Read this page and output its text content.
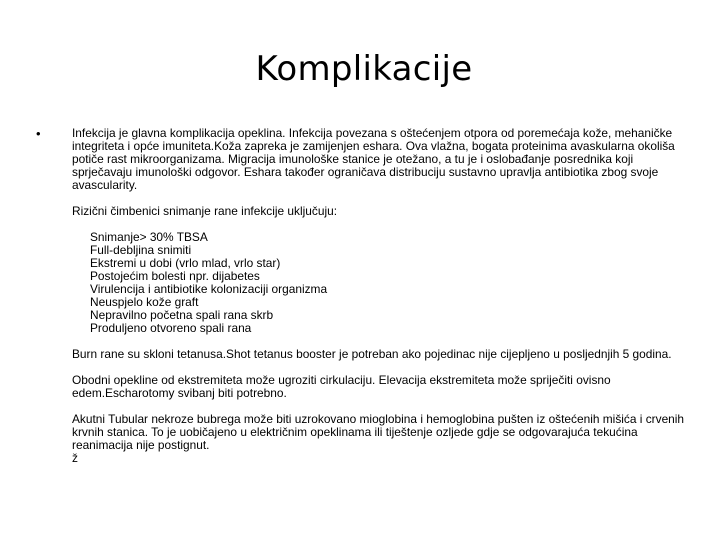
Komplikacije
•	Infekcija je glavna komplikacija opeklina. Infekcija povezana s oštećenjem otpora od poremećaja kože, mehaničke integriteta i opće imuniteta.Koža zapreka je zamijenjen eshara. Ova vlažna, bogata proteinima avaskularna okoliša potiče rast mikroorganizama. Migracija imunološke stanice je otežano, a tu je i oslobađanje posrednika koji sprječavaju imunološki odgovor. Eshara također ograničava distribuciju sustavno upravlja antibiotika zbog svoje avascularity.

Rizični čimbenici snimanje rane infekcije uključuju:

Snimanje> 30% TBSA
Full-debljina snimiti
Ekstremi u dobi (vrlo mlad, vrlo star)
Postojećim bolesti npr. dijabetes
Virulencija i antibiotike kolonizaciji organizma
Neuspjelo kože graft
Nepravilno početna spali rana skrb
Produljeno otvoreno spali rana

Burn rane su skloni tetanusa.Shot tetanus booster je potreban ako pojedinac nije cijepljeno u posljednjih 5 godina.

Obodni opekline od ekstremiteta može ugroziti cirkulaciju. Elevacija ekstremiteta može spriječiti ovisno edem.Escharotomy svibanj biti potrebno.

Akutni Tubular nekroze bubrega može biti uzrokovano mioglobina i hemoglobina pušten iz oštećenih mišića i crvenih krvnih stanica. To je uobičajeno u električnim opeklinama ili tiještenje ozljede gdje se odgovarajuća tekućina reanimacija nije postignut.

ž
